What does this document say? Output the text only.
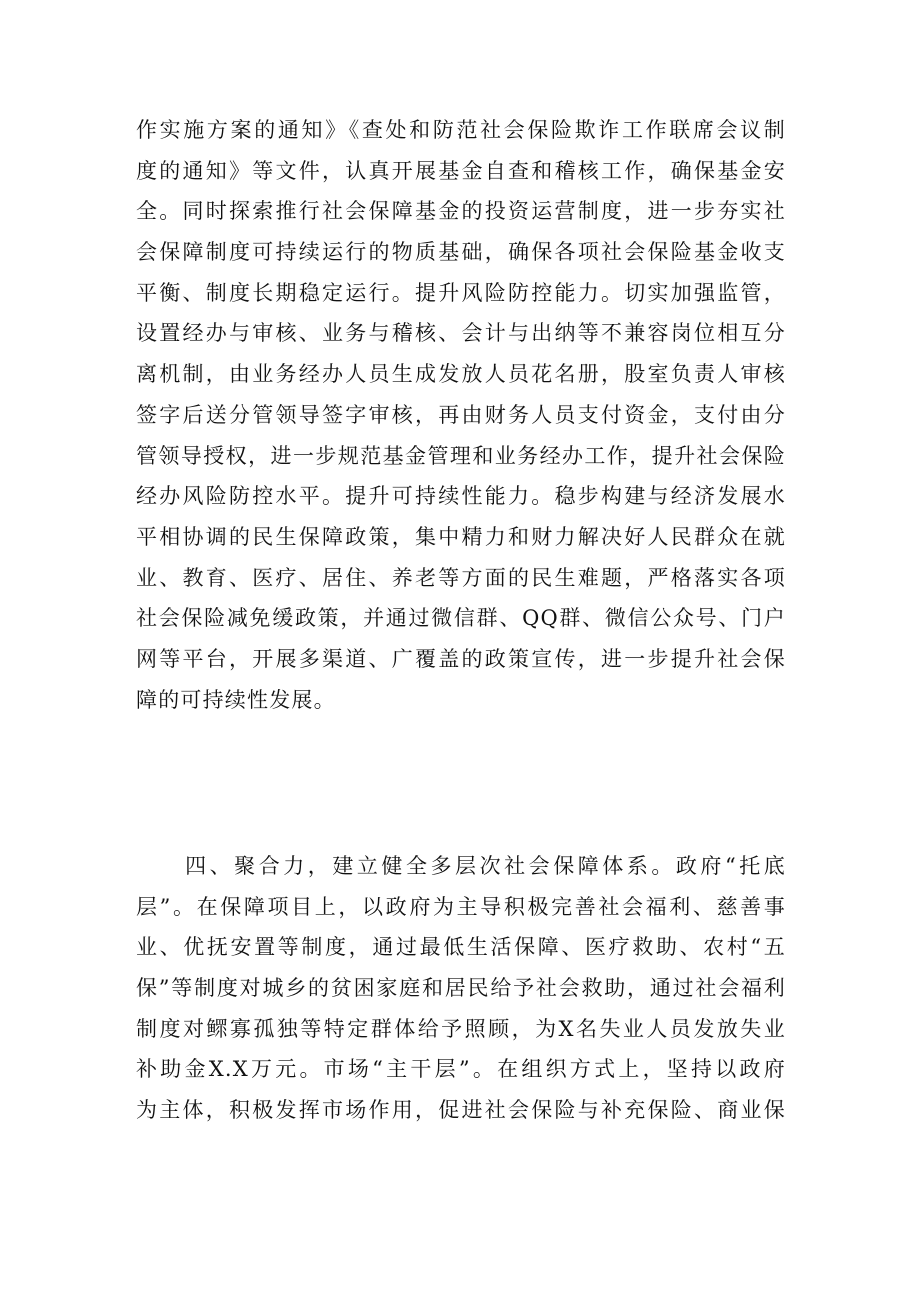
作实施方案的通知》《查处和防范社会保险欺诈工作联席会议制
度的通知》等文件，认真开展基金自查和稽核工作，确保基金安
全。同时探索推行社会保障基金的投资运营制度，进一步夯实社
会保障制度可持续运行的物质基础，确保各项社会保险基金收支
平衡、制度长期稳定运行。提升风险防控能力。切实加强监管，
设置经办与审核、业务与稽核、会计与出纳等不兼容岗位相互分
离机制，由业务经办人员生成发放人员花名册，股室负责人审核
签字后送分管领导签字审核，再由财务人员支付资金，支付由分
管领导授权，进一步规范基金管理和业务经办工作，提升社会保险
经办风险防控水平。提升可持续性能力。稳步构建与经济发展水
平相协调的民生保障政策，集中精力和财力解决好人民群众在就
业、教育、医疗、居住、养老等方面的民生难题，严格落实各项
社会保险减免缓政策，并通过微信群、QQ群、微信公众号、门户
网等平台，开展多渠道、广覆盖的政策宣传，进一步提升社会保
障的可持续性发展。
　　四、聚合力，建立健全多层次社会保障体系。政府“托底
层”。在保障项目上，以政府为主导积极完善社会福利、慈善事
业、优抚安置等制度，通过最低生活保障、医疗救助、农村“五
保”等制度对城乡的贫困家庭和居民给予社会救助，通过社会福利
制度对鳏寡孤独等特定群体给予照顾，为X名失业人员发放失业
补助金X.X万元。市场“主干层”。在组织方式上，坚持以政府
为主体，积极发挥市场作用，促进社会保险与补充保险、商业保
